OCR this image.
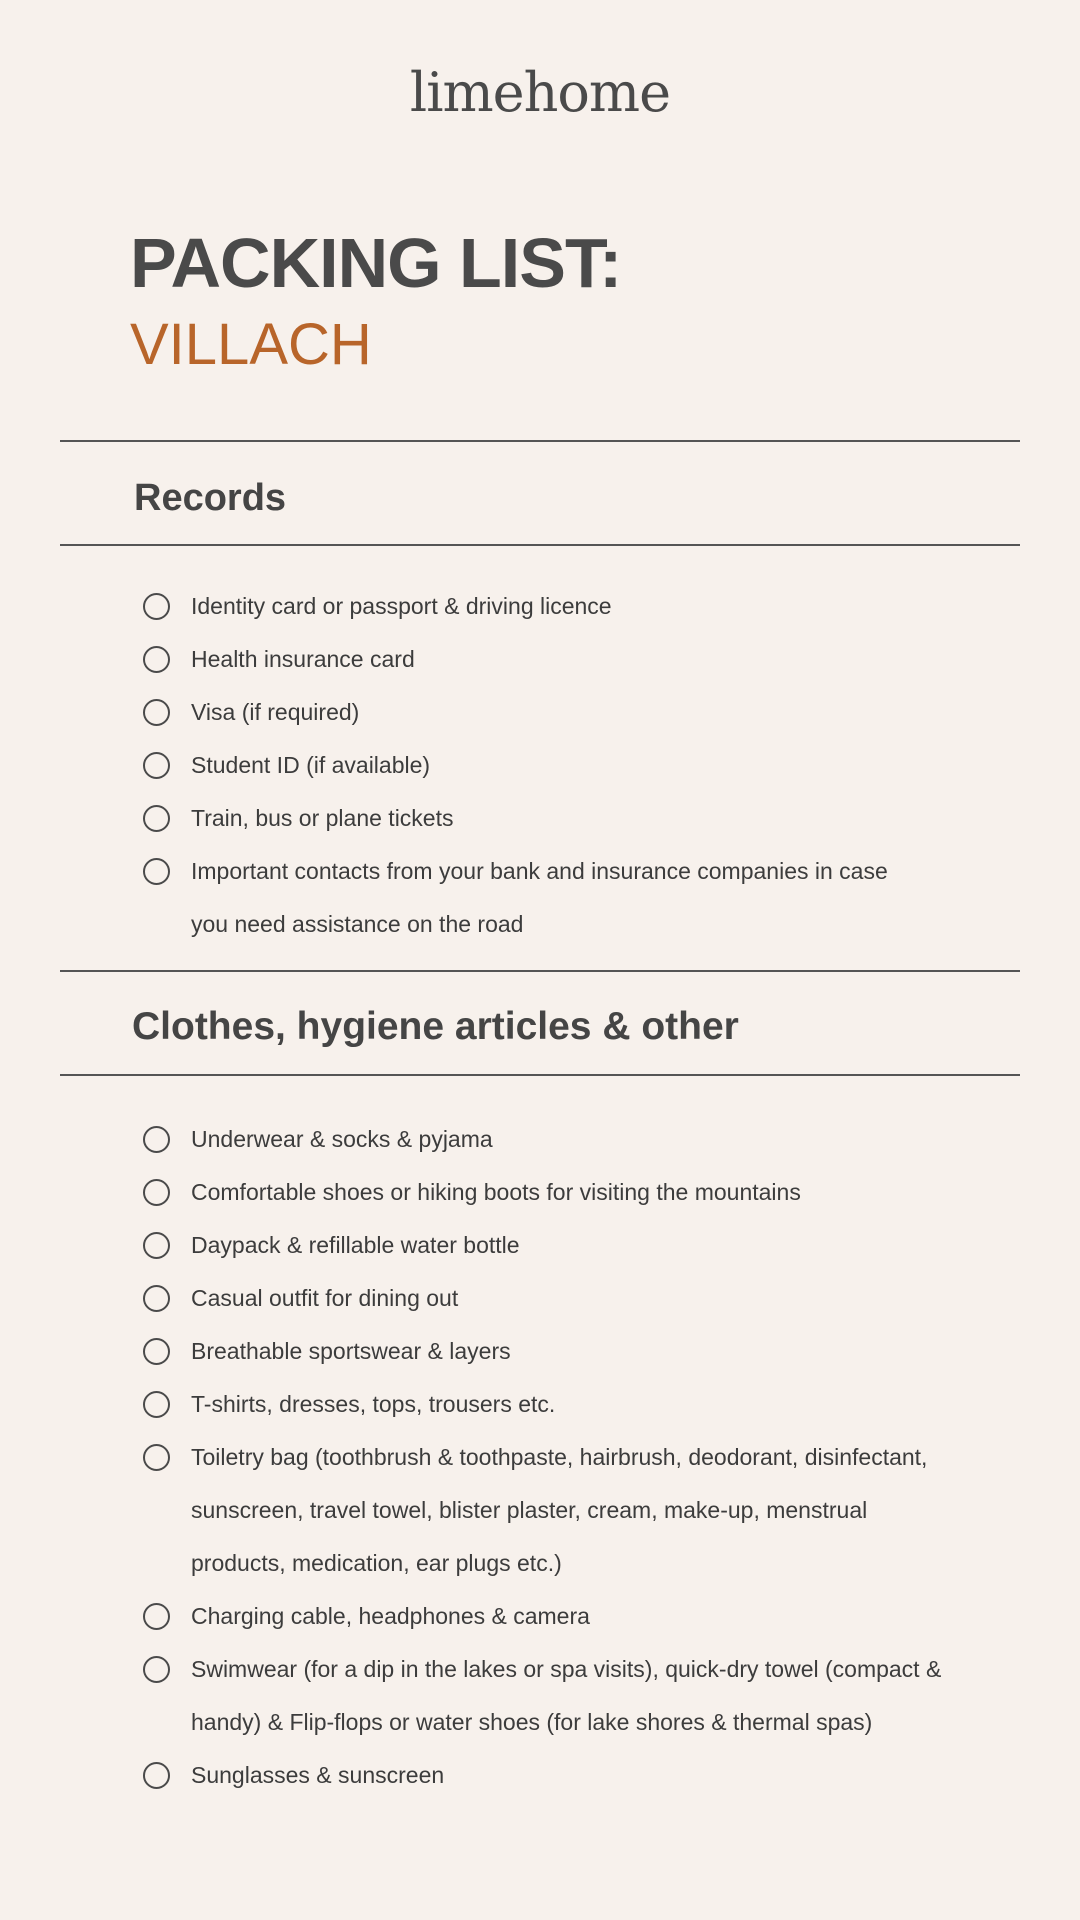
limehome
PACKING LIST:
VILLACH
Records
Identity card or passport & driving licence
Health insurance card
Visa (if required)
Student ID (if available)
Train, bus or plane tickets
Important contacts from your bank and insurance companies in case you need assistance on the road
Clothes, hygiene articles & other
Underwear & socks & pyjama
Comfortable shoes or hiking boots for visiting the mountains
Daypack & refillable water bottle
Casual outfit for dining out
Breathable sportswear & layers
T-shirts, dresses, tops, trousers etc.
Toiletry bag (toothbrush & toothpaste, hairbrush, deodorant, disinfectant, sunscreen, travel towel, blister plaster, cream, make-up, menstrual products, medication, ear plugs etc.)
Charging cable, headphones & camera
Swimwear (for a dip in the lakes or spa visits), quick-dry towel (compact & handy) & Flip-flops or water shoes (for lake shores & thermal spas)
Sunglasses & sunscreen
